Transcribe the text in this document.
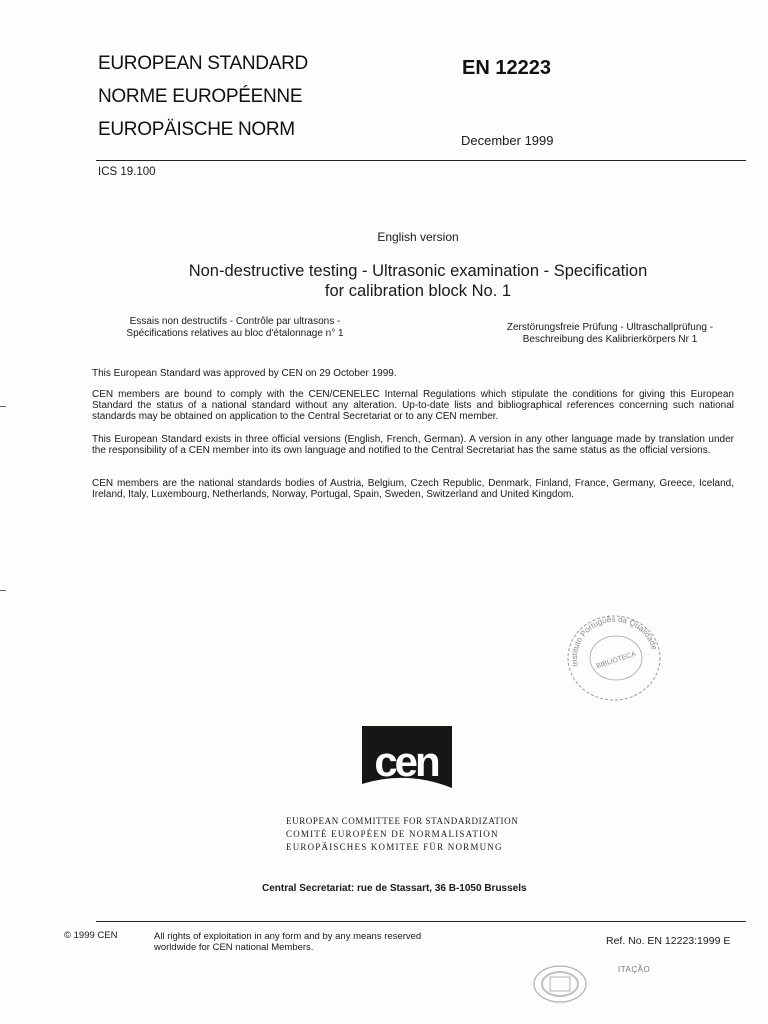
EUROPEAN STANDARD
NORME EUROPÉENNE
EUROPÄISCHE NORM
EN 12223
December 1999
ICS 19.100
English version
Non-destructive testing - Ultrasonic examination - Specification
for calibration block No. 1
Essais non destructifs - Contrôle par ultrasons -
Spécifications relatives au bloc d'étalonnage n° 1
Zerstörungsfreie Prüfung - Ultraschallprüfung -
Beschreibung des Kalibrierkörpers Nr 1
This European Standard was approved by CEN on 29 October 1999.
CEN members are bound to comply with the CEN/CENELEC Internal Regulations which stipulate the conditions for giving this European Standard the status of a national standard without any alteration. Up-to-date lists and bibliographical references concerning such national standards may be obtained on application to the Central Secretariat or to any CEN member.
This European Standard exists in three official versions (English, French, German). A version in any other language made by translation under the responsibility of a CEN member into its own language and notified to the Central Secretariat has the same status as the official versions.
CEN members are the national standards bodies of Austria, Belgium, Czech Republic, Denmark, Finland, France, Germany, Greece, Iceland, Ireland, Italy, Luxembourg, Netherlands, Norway, Portugal, Spain, Sweden, Switzerland and United Kingdom.
Instituto Português da Qualidade
BIBLIOTECA
cen
EUROPEAN COMMITTEE FOR STANDARDIZATION
COMITÉ EUROPÉEN DE NORMALISATION
EUROPÄISCHES KOMITEE FÜR NORMUNG
Central Secretariat: rue de Stassart, 36 B-1050 Brussels
© 1999 CEN	All rights of exploitation in any form and by any means reserved
worldwide for CEN national Members.
Ref. No. EN 12223:1999 E
ITAÇÃO
